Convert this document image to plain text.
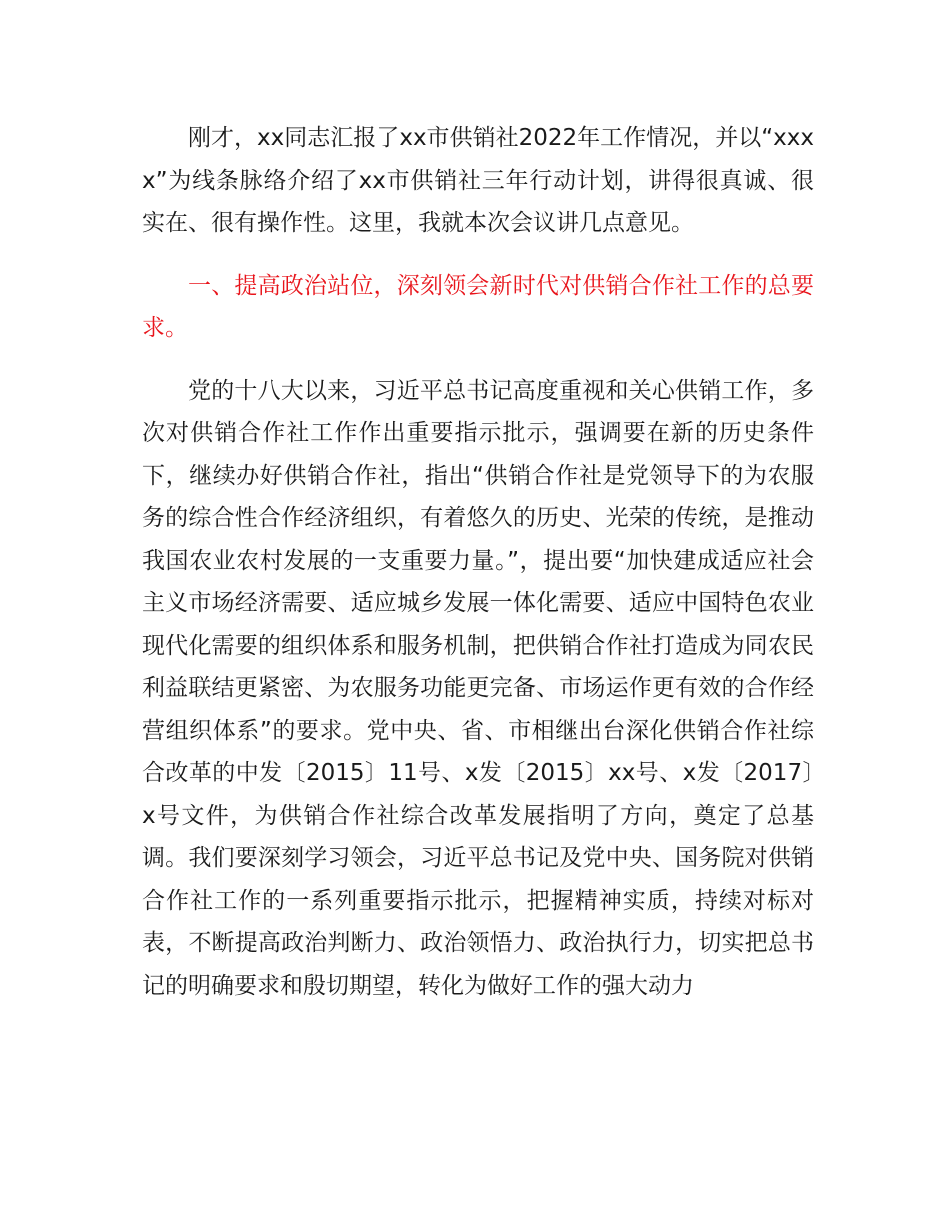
刚才，xx同志汇报了xx市供销社2022年工作情况，并以“xxxx”为线条脉络介绍了xx市供销社三年行动计划，讲得很真诚、很实在、很有操作性。这里，我就本次会议讲几点意见。

一、提高政治站位，深刻领会新时代对供销合作社工作的总要求。

党的十八大以来，习近平总书记高度重视和关心供销工作，多次对供销合作社工作作出重要指示批示，强调要在新的历史条件下，继续办好供销合作社，指出“供销合作社是党领导下的为农服务的综合性合作经济组织，有着悠久的历史、光荣的传统，是推动我国农业农村发展的一支重要力量。”，提出要“加快建成适应社会主义市场经济需要、适应城乡发展一体化需要、适应中国特色农业现代化需要的组织体系和服务机制，把供销合作社打造成为同农民利益联结更紧密、为农服务功能更完备、市场运作更有效的合作经营组织体系”的要求。党中央、省、市相继出台深化供销合作社综合改革的中发〔2015〕11号、x发〔2015〕xx号、x发〔2017〕x号文件，为供销合作社综合改革发展指明了方向，奠定了总基调。我们要深刻学习领会，习近平总书记及党中央、国务院对供销合作社工作的一系列重要指示批示，把握精神实质，持续对标对表，不断提高政治判断力、政治领悟力、政治执行力，切实把总书记的明确要求和殷切期望，转化为做好工作的强大动力
